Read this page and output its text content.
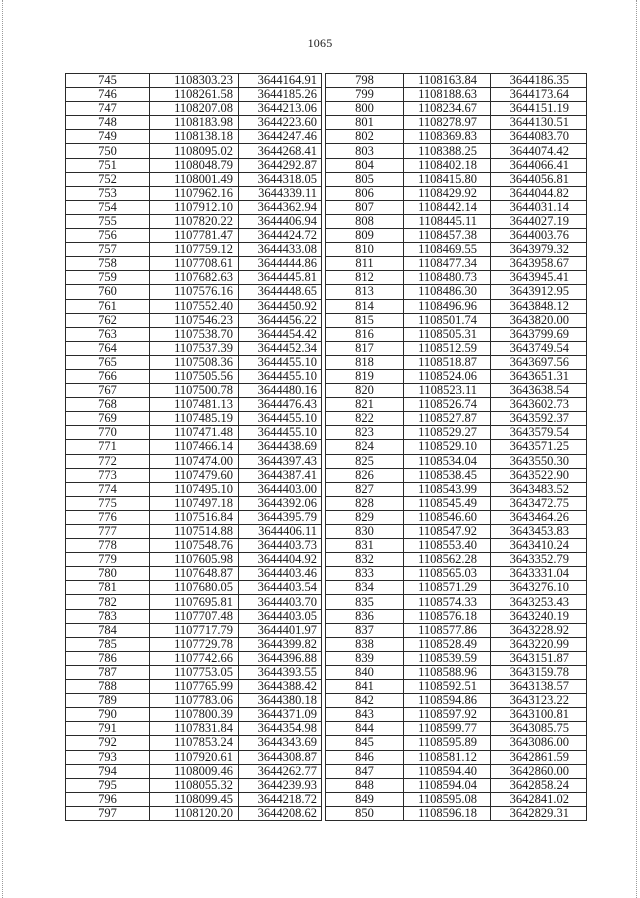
1065
745	1108303.23	3644164.91
746	1108261.58	3644185.26
747	1108207.08	3644213.06
748	1108183.98	3644223.60
749	1108138.18	3644247.46
750	1108095.02	3644268.41
751	1108048.79	3644292.87
752	1108001.49	3644318.05
753	1107962.16	3644339.11
754	1107912.10	3644362.94
755	1107820.22	3644406.94
756	1107781.47	3644424.72
757	1107759.12	3644433.08
758	1107708.61	3644444.86
759	1107682.63	3644445.81
760	1107576.16	3644448.65
761	1107552.40	3644450.92
762	1107546.23	3644456.22
763	1107538.70	3644454.42
764	1107537.39	3644452.34
765	1107508.36	3644455.10
766	1107505.56	3644455.10
767	1107500.78	3644480.16
768	1107481.13	3644476.43
769	1107485.19	3644455.10
770	1107471.48	3644455.10
771	1107466.14	3644438.69
772	1107474.00	3644397.43
773	1107479.60	3644387.41
774	1107495.10	3644403.00
775	1107497.18	3644392.06
776	1107516.84	3644395.79
777	1107514.88	3644406.11
778	1107548.76	3644403.73
779	1107605.98	3644404.92
780	1107648.87	3644403.46
781	1107680.05	3644403.54
782	1107695.81	3644403.70
783	1107707.48	3644403.05
784	1107717.79	3644401.97
785	1107729.78	3644399.82
786	1107742.66	3644396.88
787	1107753.05	3644393.55
788	1107765.99	3644388.42
789	1107783.06	3644380.18
790	1107800.39	3644371.09
791	1107831.84	3644354.98
792	1107853.24	3644343.69
793	1107920.61	3644308.87
794	1108009.46	3644262.77
795	1108055.32	3644239.93
796	1108099.45	3644218.72
797	1108120.20	3644208.62
798	1108163.84	3644186.35
799	1108188.63	3644173.64
800	1108234.67	3644151.19
801	1108278.97	3644130.51
802	1108369.83	3644083.70
803	1108388.25	3644074.42
804	1108402.18	3644066.41
805	1108415.80	3644056.81
806	1108429.92	3644044.82
807	1108442.14	3644031.14
808	1108445.11	3644027.19
809	1108457.38	3644003.76
810	1108469.55	3643979.32
811	1108477.34	3643958.67
812	1108480.73	3643945.41
813	1108486.30	3643912.95
814	1108496.96	3643848.12
815	1108501.74	3643820.00
816	1108505.31	3643799.69
817	1108512.59	3643749.54
818	1108518.87	3643697.56
819	1108524.06	3643651.31
820	1108523.11	3643638.54
821	1108526.74	3643602.73
822	1108527.87	3643592.37
823	1108529.27	3643579.54
824	1108529.10	3643571.25
825	1108534.04	3643550.30
826	1108538.45	3643522.90
827	1108543.99	3643483.52
828	1108545.49	3643472.75
829	1108546.60	3643464.26
830	1108547.92	3643453.83
831	1108553.40	3643410.24
832	1108562.28	3643352.79
833	1108565.03	3643331.04
834	1108571.29	3643276.10
835	1108574.33	3643253.43
836	1108576.18	3643240.19
837	1108577.86	3643228.92
838	1108528.49	3643220.99
839	1108539.59	3643151.87
840	1108588.96	3643159.78
841	1108592.51	3643138.57
842	1108594.86	3643123.22
843	1108597.92	3643100.81
844	1108599.77	3643085.75
845	1108595.89	3643086.00
846	1108581.12	3642861.59
847	1108594.40	3642860.00
848	1108594.04	3642858.24
849	1108595.08	3642841.02
850	1108596.18	3642829.31
